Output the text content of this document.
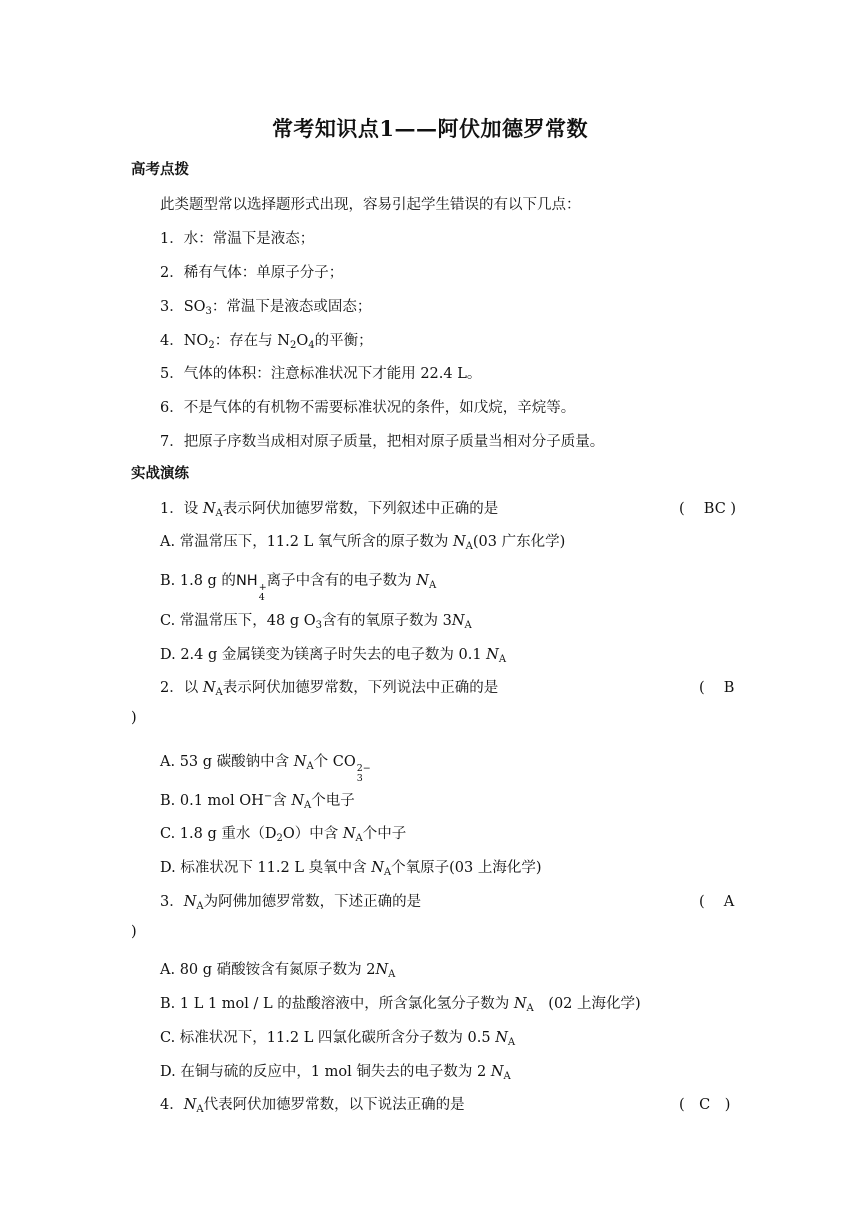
常考知识点1——阿伏加德罗常数
高考点拨
此类题型常以选择题形式出现，容易引起学生错误的有以下几点：
1．水：常温下是液态；
2．稀有气体：单原子分子；
3．$SO_3$：常温下是液态或固态；
4．$NO_2$：存在与 $N_2O_4$的平衡；
5．气体的体积：注意标准状况下才能用 22.4 L。
6．不是气体的有机物不需要标准状况的条件，如戊烷，辛烷等。
7．把原子序数当成相对原子质量，把相对原子质量当相对分子质量。
实战演练
1．设 $N_A$表示阿伏加德罗常数，下列叙述中正确的是	(　 BC )
A. 常温常压下，11.2 L 氧气所含的原子数为 $N_A(03$ 广东化学)
B. 1.8 g 的NH +
4
离子中含有的电子数为 $N_A$
C. 常温常压下，48 g $O_3$含有的氧原子数为 $3N_A$
D. 2.4 g 金属镁变为镁离子时失去的电子数为 0.1 $N_A$
2．以 $N_A$表示阿伏加德罗常数，下列说法中正确的是	(　 B
)
A. 53 g 碳酸钠中含 $N_A$个 CO 2−
3
B. 0.1 mol OH−含 $N_A$个电子
C. 1.8 g 重水$(D_2O)$中含 $N_A$个中子
D. 标准状况下 11.2 L 臭氧中含 $N_A$个氧原子(03 上海化学)
3．$N_A$为阿佛加德罗常数，下述正确的是	(　 A
)
A. 80 g 硝酸铵含有氮原子数为 $2N_A$
B. 1 L 1 mol / L 的盐酸溶液中，所含氯化氢分子数为 $N_A$　(02 上海化学)
C. 标准状况下，11.2 L 四氯化碳所含分子数为 0.5 $N_A$
D. 在铜与硫的反应中，1 mol 铜失去的电子数为 2 $N_A$
4．$N_A$代表阿伏加德罗常数，以下说法正确的是	(　C　)
